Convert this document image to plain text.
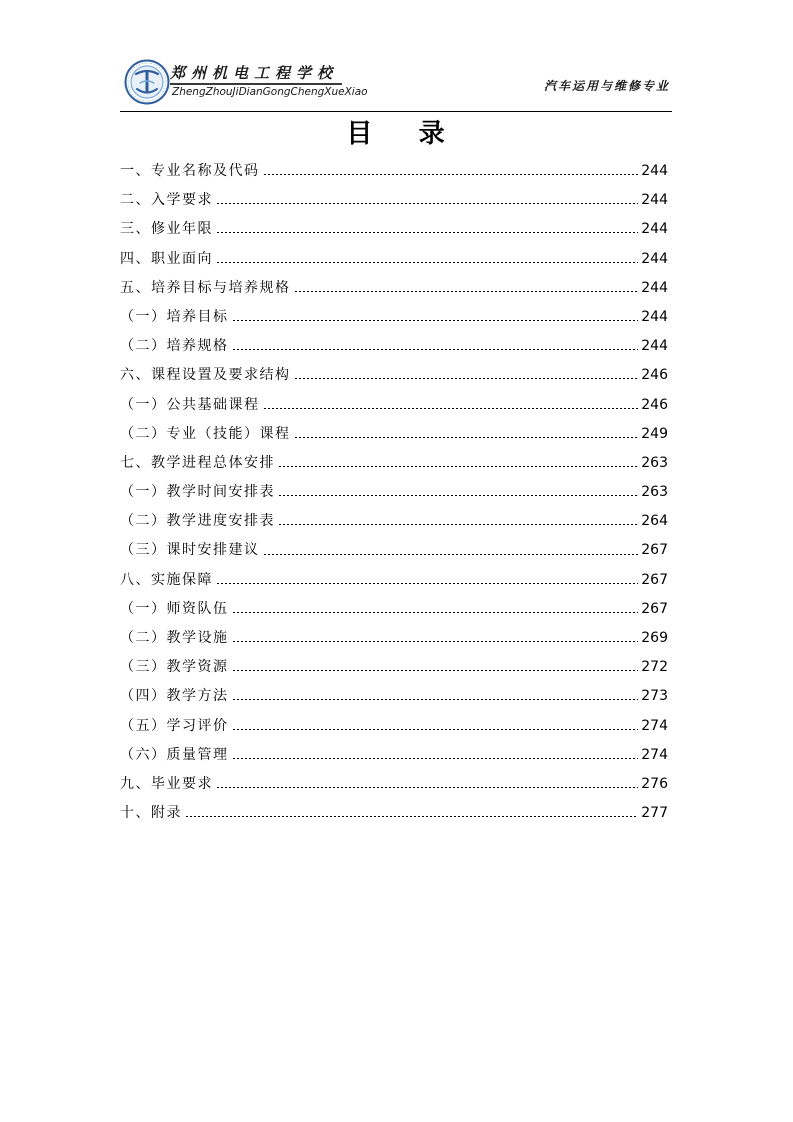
郑州机电工程学校
ZhengZhouJiDianGongChengXueXiao	汽车运用与维修专业
目    录
一、专业名称及代码	244
二、入学要求	244
三、修业年限	244
四、职业面向	244
五、培养目标与培养规格	244
（一）培养目标	244
（二）培养规格	244
六、课程设置及要求结构	246
（一）公共基础课程	246
（二）专业（技能）课程	249
七、教学进程总体安排	263
（一）教学时间安排表	263
（二）教学进度安排表	264
（三）课时安排建议	267
八、实施保障	267
（一）师资队伍	267
（二）教学设施	269
（三）教学资源	272
（四）教学方法	273
（五）学习评价	274
（六）质量管理	274
九、毕业要求	276
十、附录	277
